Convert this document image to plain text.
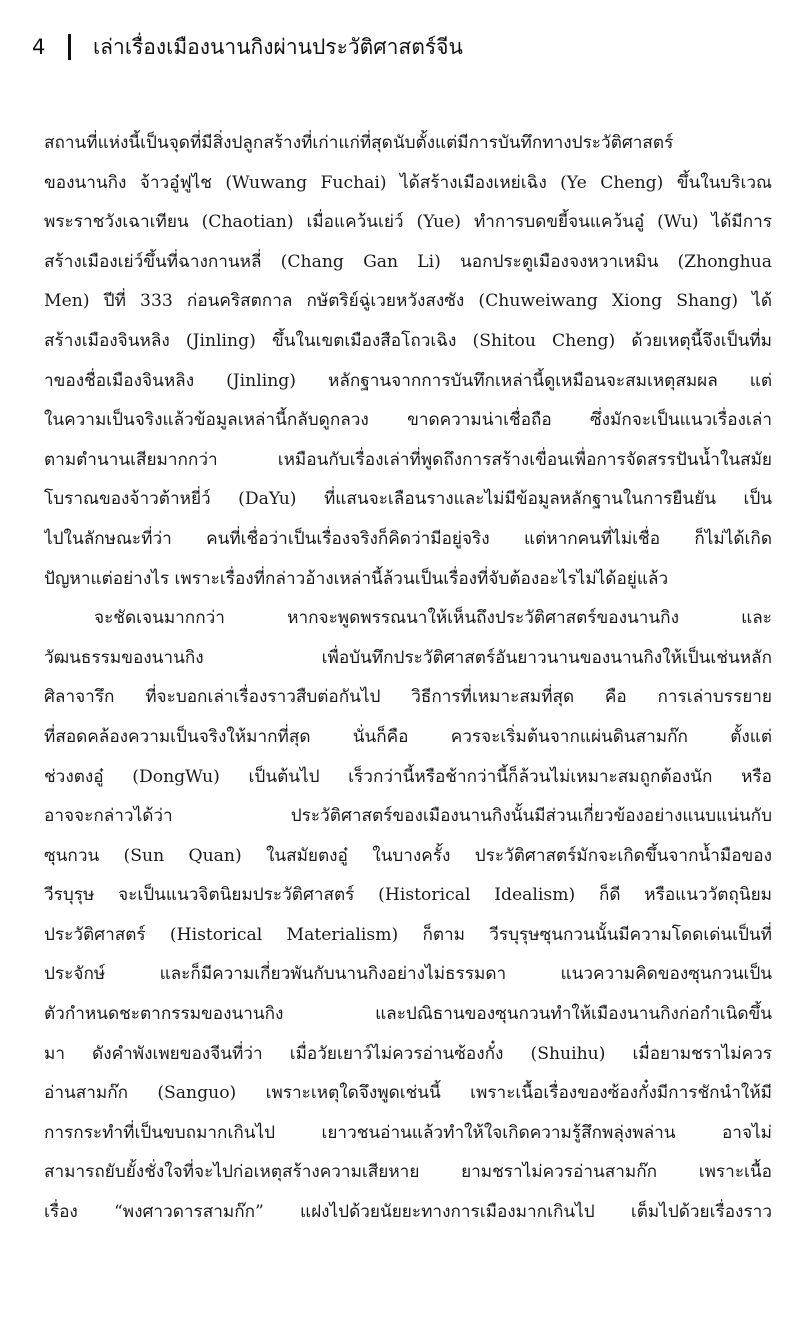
4	เล่าเรื่องเมืองนานกิงผ่านประวัติศาสตร์จีน
สถานที่แห่งนี้เป็นจุดที่มีสิ่งปลูกสร้างที่เก่าแก่ที่สุดนับตั้งแต่มีการบันทึกทางประวัติศาสตร์
ของนานกิง จ้าวอู๋ฟูไช (Wuwang Fuchai) ได้สร้างเมืองเหย่เฉิง (Ye Cheng) ขึ้นในบริเวณ
พระราชวังเฉาเทียน (Chaotian) เมื่อแคว้นเย่ว์ (Yue) ทำการบดขยี้จนแคว้นอู๋ (Wu) ได้มีการ
สร้างเมืองเย่ว์ขึ้นที่ฉางกานหลี่ (Chang Gan Li) นอกประตูเมืองจงหวาเหมิน (Zhonghua
Men) ปีที่ 333 ก่อนคริสตกาล กษัตริย์ฉู่เวยหวังสงซัง (Chuweiwang Xiong Shang) ได้
สร้างเมืองจินหลิง (Jinling) ขึ้นในเขตเมืองสือโถวเฉิง (Shitou Cheng) ด้วยเหตุนี้จึงเป็นที่ม
าของชื่อเมืองจินหลิง (Jinling) หลักฐานจากการบันทึกเหล่านี้ดูเหมือนจะสมเหตุสมผล แต่
ในความเป็นจริงแล้วข้อมูลเหล่านี้กลับดูกลวง ขาดความน่าเชื่อถือ ซึ่งมักจะเป็นแนวเรื่องเล่า
ตามตำนานเสียมากกว่า เหมือนกับเรื่องเล่าที่พูดถึงการสร้างเขื่อนเพื่อการจัดสรรปันน้ำในสมัย
โบราณของจ้าวต้าหยี่ว์ (DaYu) ที่แสนจะเลือนรางและไม่มีข้อมูลหลักฐานในการยืนยัน เป็น
ไปในลักษณะที่ว่า คนที่เชื่อว่าเป็นเรื่องจริงก็คิดว่ามีอยู่จริง แต่หากคนที่ไม่เชื่อ ก็ไม่ได้เกิด
ปัญหาแต่อย่างไร เพราะเรื่องที่กล่าวอ้างเหล่านี้ล้วนเป็นเรื่องที่จับต้องอะไรไม่ได้อยู่แล้ว
จะชัดเจนมากกว่า หากจะพูดพรรณนาให้เห็นถึงประวัติศาสตร์ของนานกิง และ
วัฒนธรรมของนานกิง เพื่อบันทึกประวัติศาสตร์อันยาวนานของนานกิงให้เป็นเช่นหลัก
ศิลาจารึก ที่จะบอกเล่าเรื่องราวสืบต่อกันไป วิธีการที่เหมาะสมที่สุด คือ การเล่าบรรยาย
ที่สอดคล้องความเป็นจริงให้มากที่สุด นั่นก็คือ ควรจะเริ่มต้นจากแผ่นดินสามก๊ก ตั้งแต่
ช่วงตงอู๋ (DongWu) เป็นต้นไป เร็วกว่านี้หรือช้ากว่านี้ก็ล้วนไม่เหมาะสมถูกต้องนัก หรือ
อาจจะกล่าวได้ว่า ประวัติศาสตร์ของเมืองนานกิงนั้นมีส่วนเกี่ยวข้องอย่างแนบแน่นกับ
ซุนกวน (Sun Quan) ในสมัยตงอู๋ ในบางครั้ง ประวัติศาสตร์มักจะเกิดขึ้นจากน้ำมือของ
วีรบุรุษ จะเป็นแนวจิตนิยมประวัติศาสตร์ (Historical Idealism) ก็ดี หรือแนววัตถุนิยม
ประวัติศาสตร์ (Historical Materialism) ก็ตาม วีรบุรุษซุนกวนนั้นมีความโดดเด่นเป็นที่
ประจักษ์ และก็มีความเกี่ยวพันกับนานกิงอย่างไม่ธรรมดา แนวความคิดของซุนกวนเป็น
ตัวกำหนดชะตากรรมของนานกิง และปณิธานของซุนกวนทำให้เมืองนานกิงก่อกำเนิดขึ้น
มา ดังคำพังเพยของจีนที่ว่า เมื่อวัยเยาว์ไม่ควรอ่านซ้องกั๋ง (Shuihu) เมื่อยามชราไม่ควร
อ่านสามก๊ก (Sanguo) เพราะเหตุใดจึงพูดเช่นนี้ เพราะเนื้อเรื่องของซ้องกั๋งมีการชักนำให้มี
การกระทำที่เป็นขบถมากเกินไป เยาวชนอ่านแล้วทำให้ใจเกิดความรู้สึกพลุ่งพล่าน อาจไม่
สามารถยับยั้งชั่งใจที่จะไปก่อเหตุสร้างความเสียหาย ยามชราไม่ควรอ่านสามก๊ก เพราะเนื้อ
เรื่อง “พงศาวดารสามก๊ก” แฝงไปด้วยนัยยะทางการเมืองมากเกินไป เต็มไปด้วยเรื่องราว
